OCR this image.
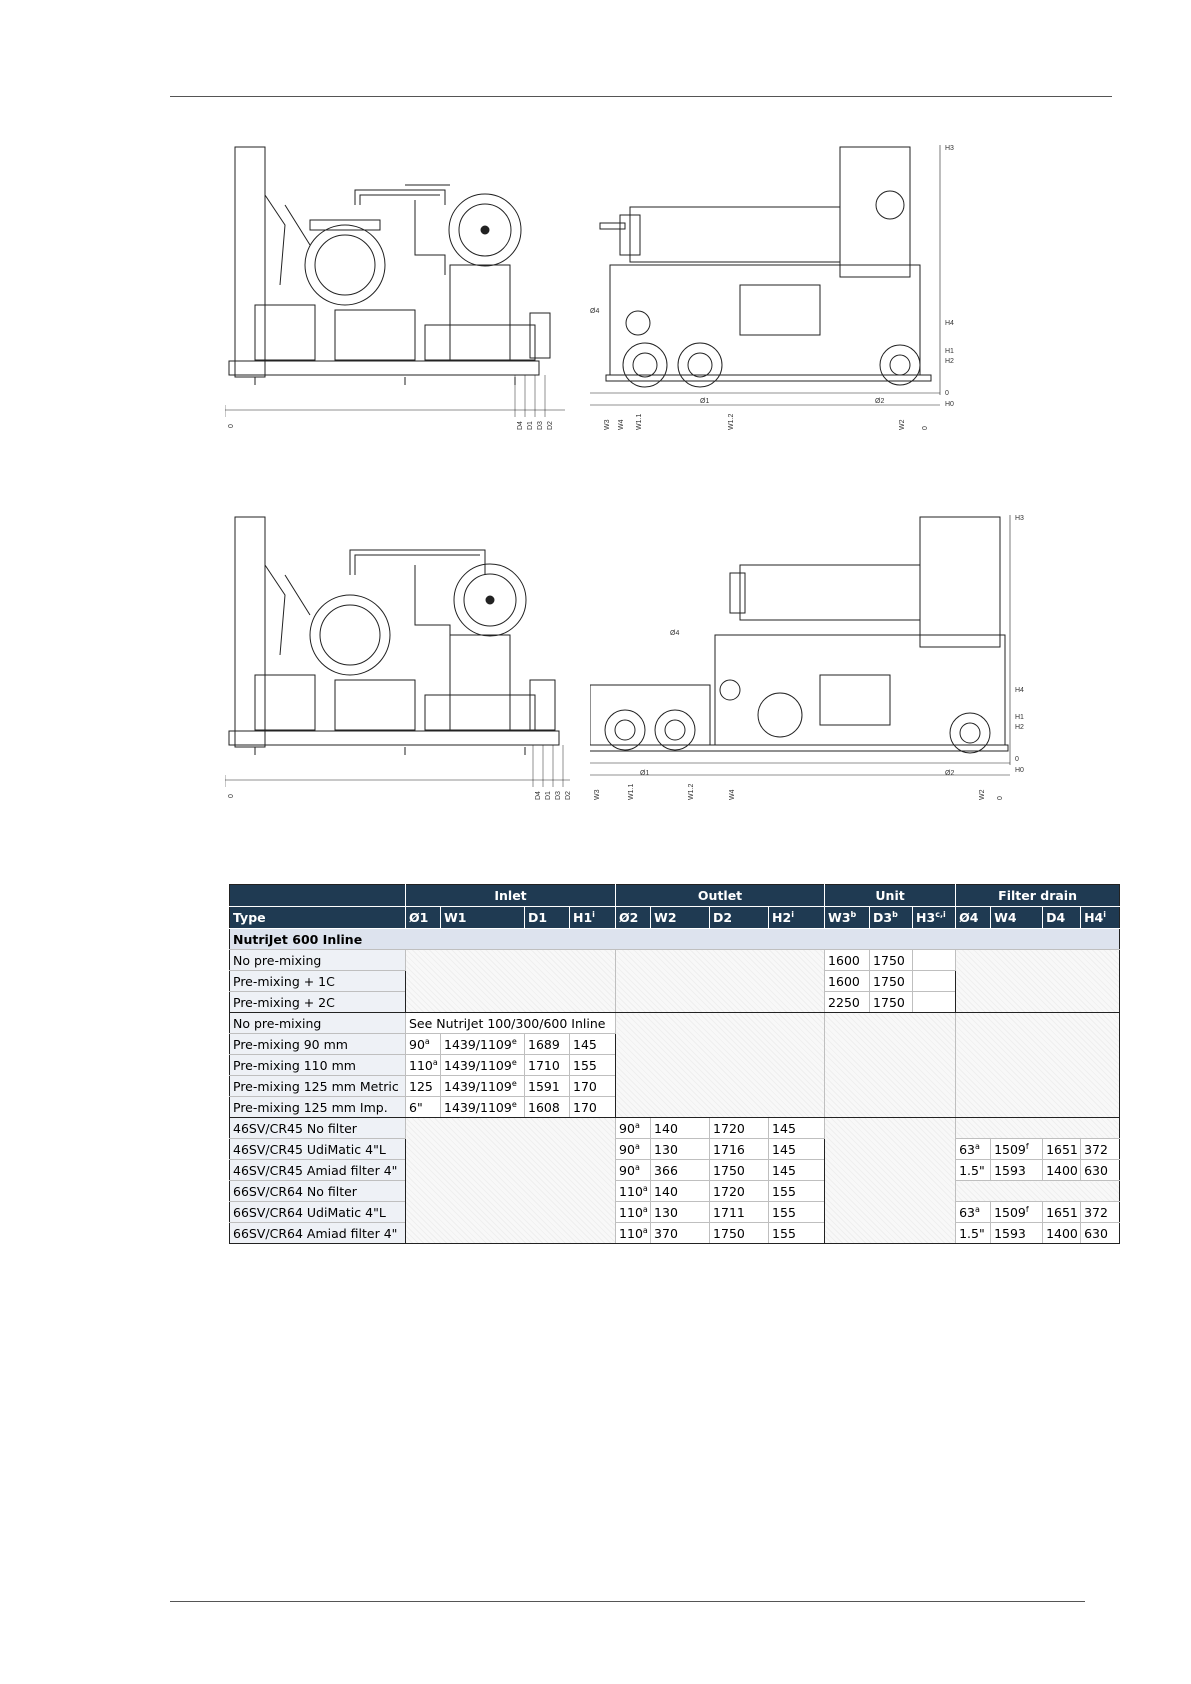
0	D4 D1 D3 D2
H3
H4
H1
H2
0
H0
Ø4
Ø1	Ø2
W3 W4 W1.1	W1.2	W2 0
0	D4 D1 D3 D2
H3
H4
H1
H2
0
H0
Ø4
Ø1	Ø2
W3	W1.1	W1.2	W4	W2 0
	Inlet				Outlet				Unit			Filter drain			
Type	Ø1	W1	D1	H1$^i$	Ø2	W2	D2	H2$^i$	W3$^b$	D3$^b$	H3$^{c,i}$	Ø4	W4	D4	H4$^i$
NutriJet 600 Inline															
No pre-mixing									1600	1750					
Pre-mixing + 1C									1600	1750					
Pre-mixing + 2C									2250	1750					
No pre-mixing	See NutriJet 100/300/600 Inline														
Pre-mixing 90 mm	90$^a$	1439/1109e	1689	145											
Pre-mixing 110 mm	110$^a$	1439/1109e	1710	155											
Pre-mixing 125 mm Metric	125	1439/1109e	1591	170											
Pre-mixing 125 mm Imp.	6"	1439/1109e	1608	170											
46SV/CR45 No filter					90$^a$	140	1720	145							
46SV/CR45 UdiMatic 4"L					90$^a$	130	1716	145				63$^a$	1509$^f$	1651	372
46SV/CR45 Amiad filter 4"					90$^a$	366	1750	145				1.5"	1593	1400	630
66SV/CR64 No filter					110$^a$	140	1720	155							
66SV/CR64 UdiMatic 4"L					110$^a$	130	1711	155				63$^a$	1509$^f$	1651	372
66SV/CR64 Amiad filter 4"					110$^a$	370	1750	155				1.5"	1593	1400	630
